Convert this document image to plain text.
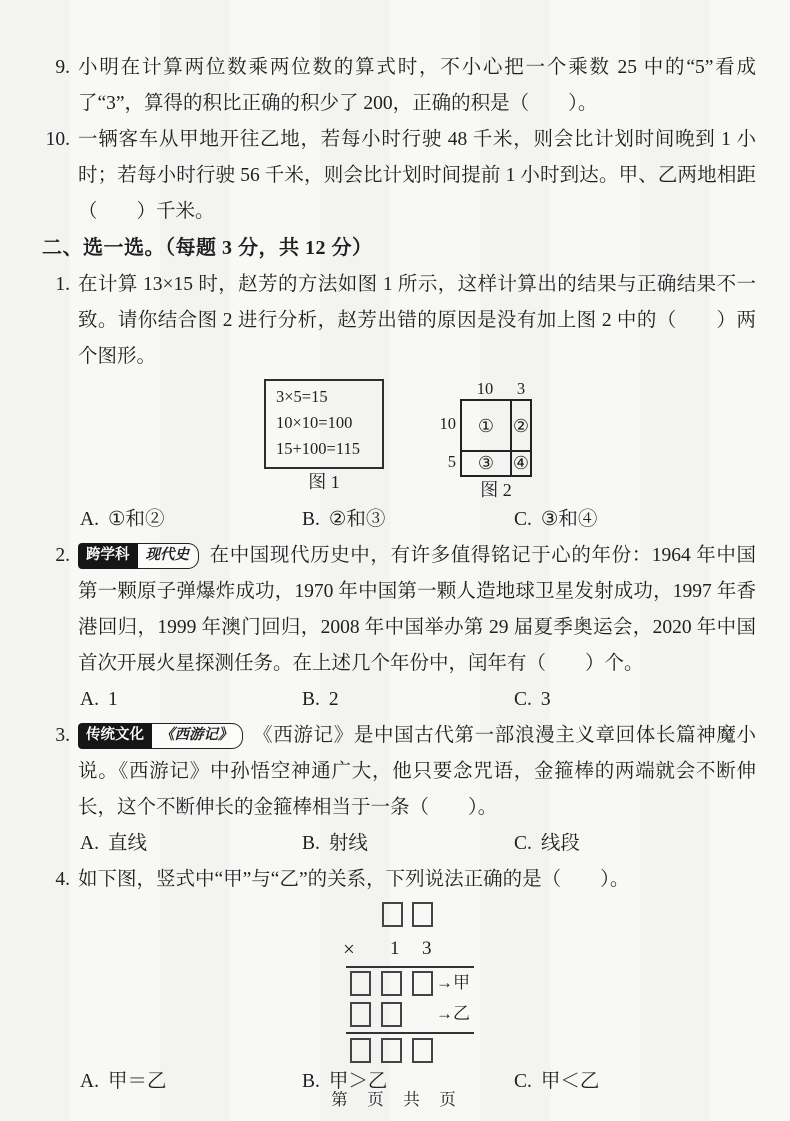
9. 小明在计算两位数乘两位数的算式时，不小心把一个乘数 25 中的“5”看成了“3”，算得的积比正确的积少了 200，正确的积是（　　）。
10. 一辆客车从甲地开往乙地，若每小时行驶 48 千米，则会比计划时间晚到 1 小时；若每小时行驶 56 千米，则会比计划时间提前 1 小时到达。甲、乙两地相距（　　）千米。
二、选一选。（每题 3 分，共 12 分）
1. 在计算 13×15 时，赵芳的方法如图 1 所示，这样计算出的结果与正确结果不一致。请你结合图 2 进行分析，赵芳出错的原因是没有加上图 2 中的（　　）两个图形。
3×5=15
10×10=100
15+100=115
图 1
10	3
10
5
① ②
③ ④
图 2
A. ①和②	B. ②和③	C. ③和④
2.	跨学科	现代史	在中国现代历史中，有许多值得铭记于心的年份：1964 年中国第一颗原子弹爆炸成功，1970 年中国第一颗人造地球卫星发射成功，1997 年香港回归，1999 年澳门回归，2008 年中国举办第 29 届夏季奥运会，2020 年中国首次开展火星探测任务。在上述几个年份中，闰年有（　　）个。
A. 1	B. 2	C. 3
3.	传统文化	《西游记》	《西游记》是中国古代第一部浪漫主义章回体长篇神魔小说。《西游记》中孙悟空神通广大，他只要念咒语，金箍棒的两端就会不断伸长，这个不断伸长的金箍棒相当于一条（　　）。
A. 直线	B. 射线	C. 线段
4. 如下图，竖式中“甲”与“乙”的关系，下列说法正确的是（　　）。
× 1 3
→甲
→乙
A. 甲＝乙	B. 甲＞乙	C. 甲＜乙
第 页 共 页
